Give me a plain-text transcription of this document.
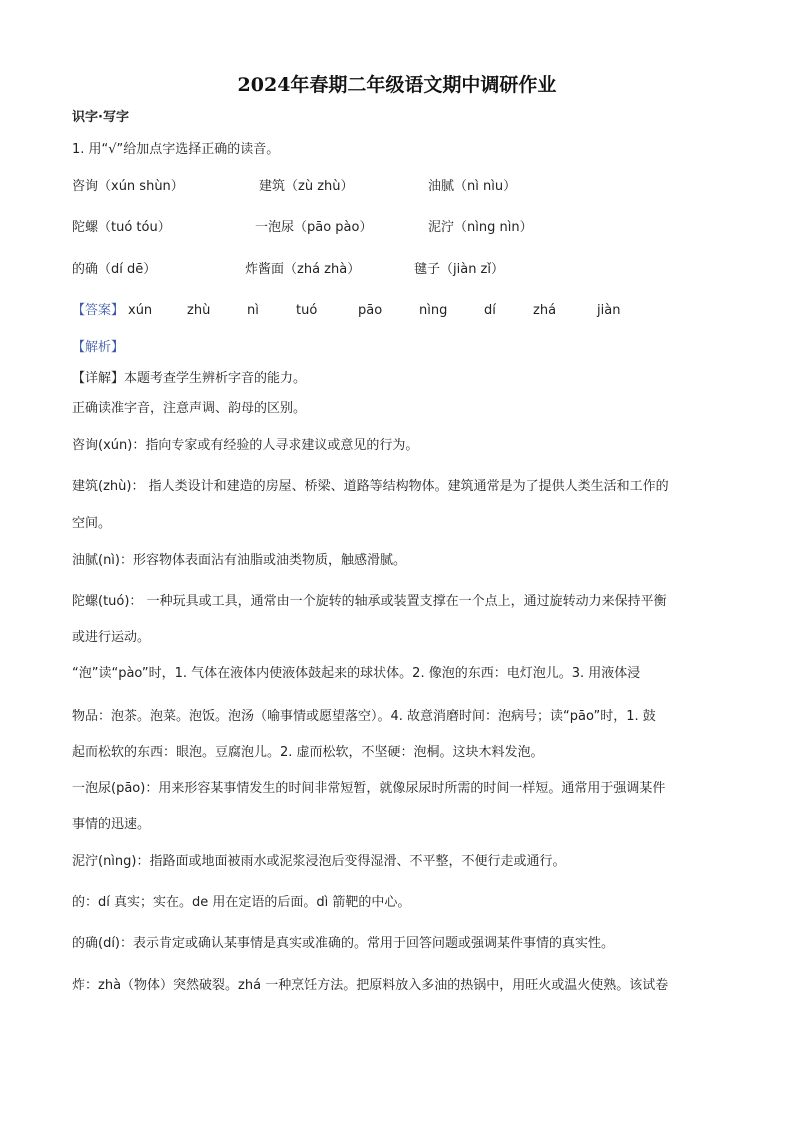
2024年春期二年级语文期中调研作业
识字·写字
1. 用“√”给加点字选择正确的读音。
咨询（xún shùn）	建筑（zù zhù）	油腻（nì nìu）
陀螺（tuó tóu）	一泡尿（pāo pào）	泥泞（nìng nìn）
的确（dí dē）	炸酱面（zhá zhà）	毽子（jiàn zǐ）
【答案】 xún	zhù	nì	tuó	pāo	nìng	dí	zhá	jiàn
【解析】
【详解】本题考查学生辨析字音的能力。
正确读准字音，注意声调、韵母的区别。
咨询(xún)：指向专家或有经验的人寻求建议或意见的行为。
建筑(zhù)： 指人类设计和建造的房屋、桥梁、道路等结构物体。建筑通常是为了提供人类生活和工作的
空间。
油腻(nì)：形容物体表面沾有油脂或油类物质，触感滑腻。
陀螺(tuó)： 一种玩具或工具，通常由一个旋转的轴承或装置支撑在一个点上，通过旋转动力来保持平衡
或进行运动。
“泡”读“pào”时，1. 气体在液体内使液体鼓起来的球状体。2. 像泡的东西：电灯泡儿。3. 用液体浸
物品：泡茶。泡菜。泡饭。泡汤（喻事情或愿望落空）。4. 故意消磨时间：泡病号；读“pāo”时，1. 鼓
起而松软的东西：眼泡。豆腐泡儿。2. 虚而松软，不坚硬：泡桐。这块木料发泡。
一泡尿(pāo)：用来形容某事情发生的时间非常短暂，就像尿尿时所需的时间一样短。通常用于强调某件
事情的迅速。
泥泞(nìng)：指路面或地面被雨水或泥浆浸泡后变得湿滑、不平整，不便行走或通行。
的：dí 真实；实在。de 用在定语的后面。dì 箭靶的中心。
的确(dí)：表示肯定或确认某事情是真实或准确的。常用于回答问题或强调某件事情的真实性。
炸：zhà（物体）突然破裂。zhá 一种烹饪方法。把原料放入多油的热锅中，用旺火或温火使熟。该试卷
